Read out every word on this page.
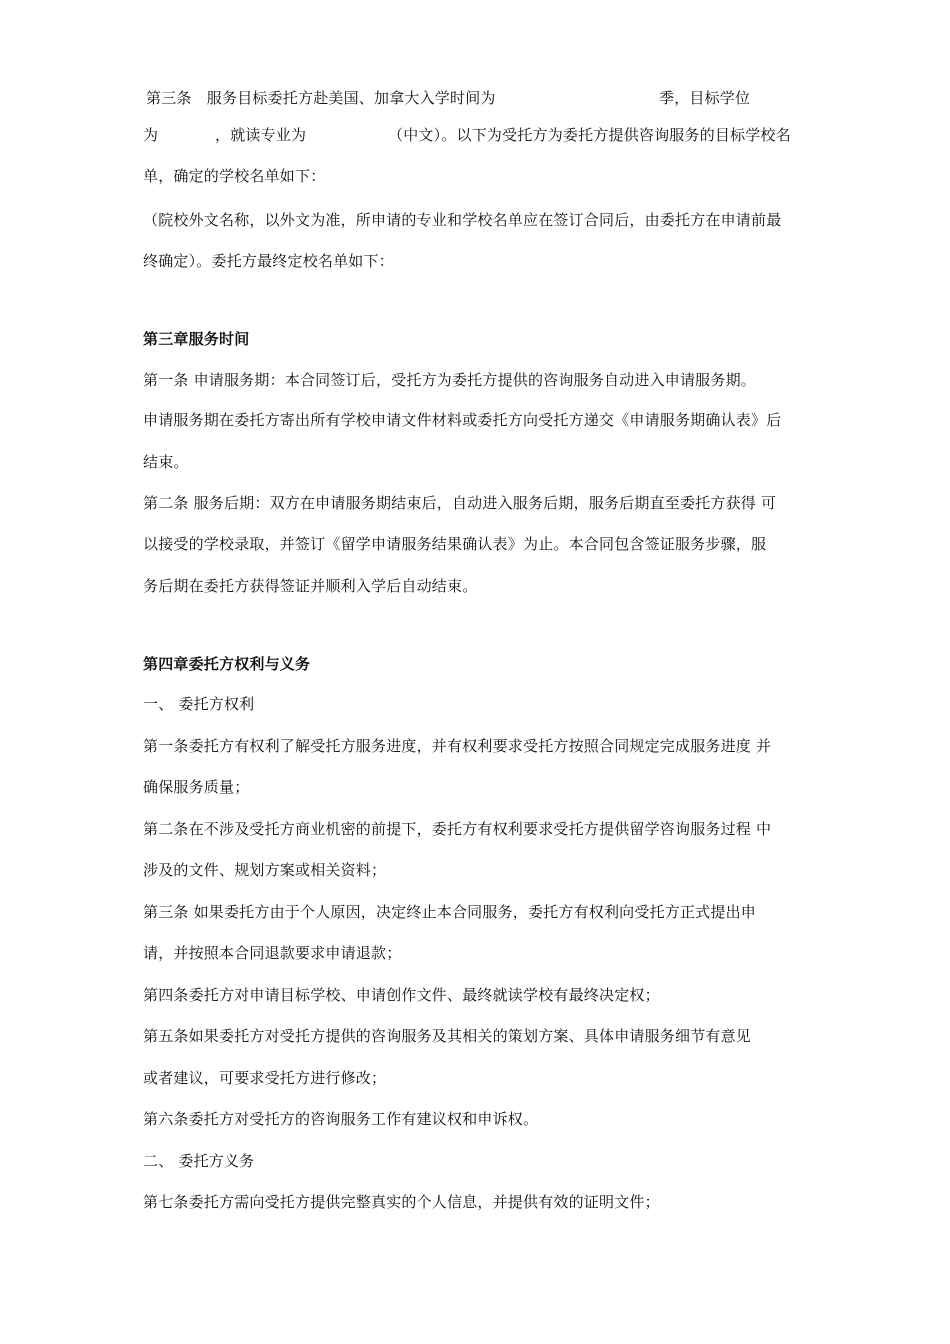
第三条　服务目标委托方赴美国、加拿大入学时间为	季，目标学位
为	，就读专业为	（中文）。以下为受托方为委托方提供咨询服务的目标学校名

单，确定的学校名单如下：

（院校外文名称，以外文为准，所申请的专业和学校名单应在签订合同后，由委托方在申请前最

终确定）。委托方最终定校名单如下：

第三章服务时间

第一条 申请服务期：本合同签订后，受托方为委托方提供的咨询服务自动进入申请服务期。

申请服务期在委托方寄出所有学校申请文件材料或委托方向受托方递交《申请服务期确认表》后

结束。

第二条 服务后期：双方在申请服务期结束后，自动进入服务后期，服务后期直至委托方获得 可

以接受的学校录取，并签订《留学申请服务结果确认表》为止。本合同包含签证服务步骤，服

务后期在委托方获得签证并顺利入学后自动结束。

第四章委托方权利与义务

一、 委托方权利

第一条委托方有权利了解受托方服务进度，并有权利要求受托方按照合同规定完成服务进度 并

确保服务质量；

第二条在不涉及受托方商业机密的前提下，委托方有权利要求受托方提供留学咨询服务过程 中

涉及的文件、规划方案或相关资料；

第三条 如果委托方由于个人原因，决定终止本合同服务，委托方有权利向受托方正式提出申

请，并按照本合同退款要求申请退款；

第四条委托方对申请目标学校、申请创作文件、最终就读学校有最终决定权；

第五条如果委托方对受托方提供的咨询服务及其相关的策划方案、具体申请服务细节有意见

或者建议，可要求受托方进行修改；

第六条委托方对受托方的咨询服务工作有建议权和申诉权。

二、 委托方义务

第七条委托方需向受托方提供完整真实的个人信息，并提供有效的证明文件；
